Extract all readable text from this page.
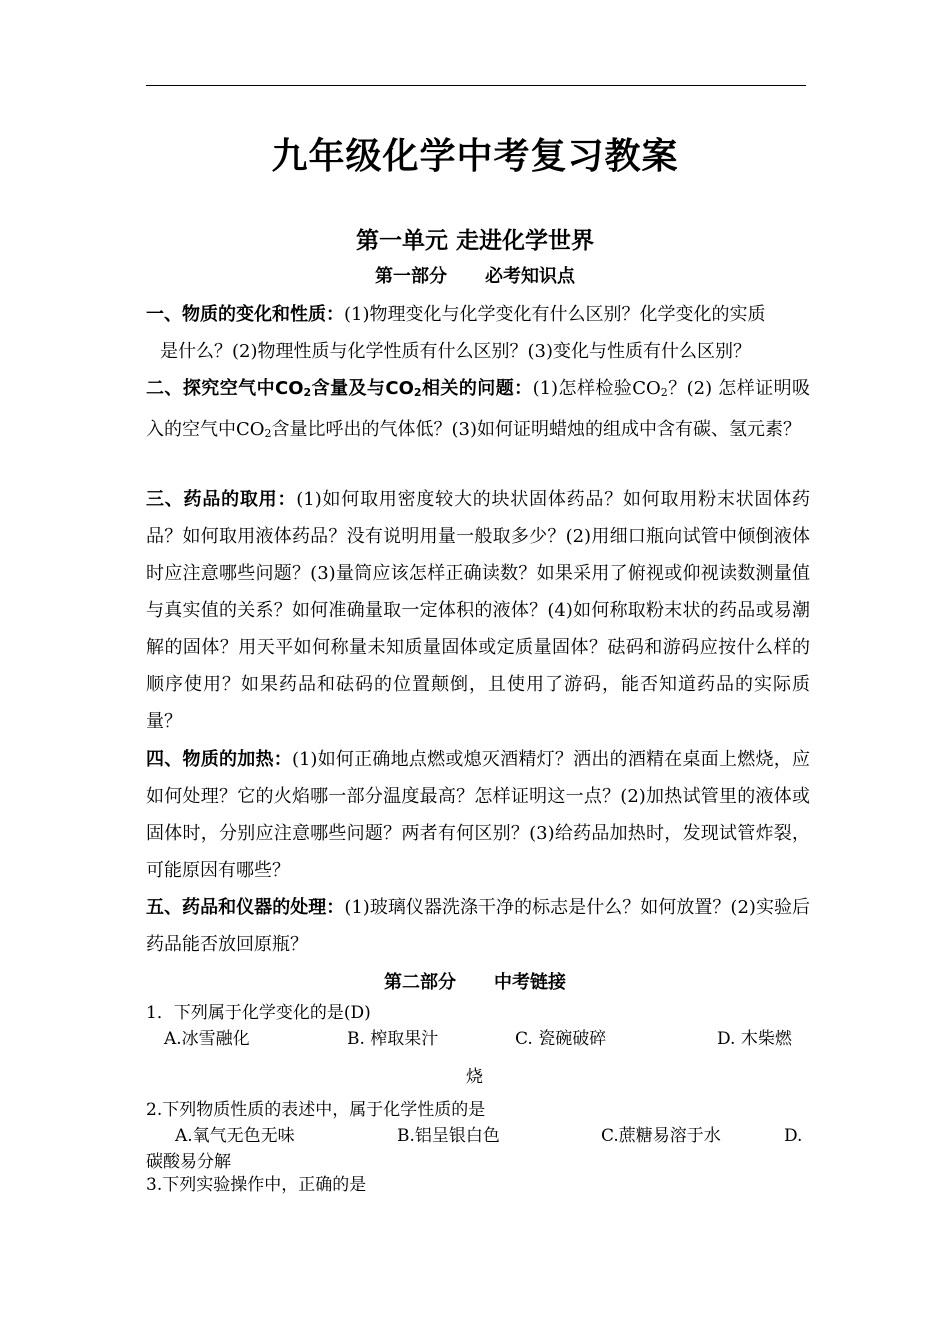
九年级化学中考复习教案
第一单元 走进化学世界
第一部分 必考知识点
一、物质的变化和性质：(1)物理变化与化学变化有什么区别？化学变化的实质
是什么？(2)物理性质与化学性质有什么区别？(3)变化与性质有什么区别？
二、探究空气中$CO_2$含量及与$CO_2$相关的问题：(1)怎样检验$CO_2$？(2) 怎样证明吸入的空气中$CO_2$含量比呼出的气体低？(3)如何证明蜡烛的组成中含有碳、氢元素？
三、药品的取用：(1)如何取用密度较大的块状固体药品？如何取用粉末状固体药品？如何取用液体药品？没有说明用量一般取多少？(2)用细口瓶向试管中倾倒液体时应注意哪些问题？(3)量筒应该怎样正确读数？如果采用了俯视或仰视读数测量值与真实值的关系？如何准确量取一定体积的液体？(4)如何称取粉末状的药品或易潮解的固体？用天平如何称量未知质量固体或定质量固体？砝码和游码应按什么样的顺序使用？如果药品和砝码的位置颠倒，且使用了游码，能否知道药品的实际质量？
四、物质的加热：(1)如何正确地点燃或熄灭酒精灯？洒出的酒精在桌面上燃烧，应如何处理？它的火焰哪一部分温度最高？怎样证明这一点？(2)加热试管里的液体或固体时，分别应注意哪些问题？两者有何区别？(3)给药品加热时，发现试管炸裂，可能原因有哪些？
五、药品和仪器的处理：(1)玻璃仪器洗涤干净的标志是什么？如何放置？(2)实验后药品能否放回原瓶？
第二部分 中考链接
1．下列属于化学变化的是(D)
A.冰雪融化	B. 榨取果汁	C. 瓷碗破碎	D. 木柴燃
烧
2.下列物质性质的表述中，属于化学性质的是
A.氧气无色无味	B.铝呈银白色	C.蔗糖易溶于水	D.
碳酸易分解
3.下列实验操作中，正确的是
